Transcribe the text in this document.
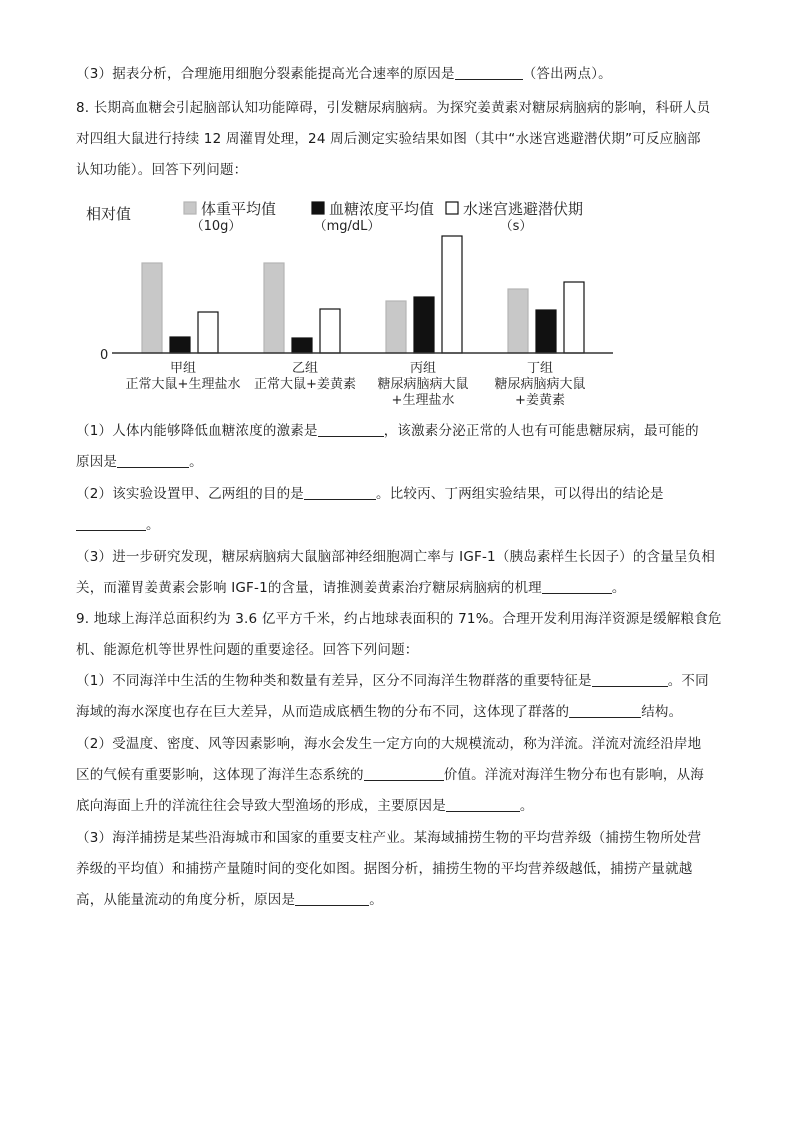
（3）据表分析，合理施用细胞分裂素能提高光合速率的原因是	（答出两点）。
8. 长期高血糖会引起脑部认知功能障碍，引发糖尿病脑病。为探究姜黄素对糖尿病脑病的影响，科研人员
对四组大鼠进行持续 12 周灌胃处理，24 周后测定实验结果如图（其中“水迷宫逃避潜伏期”可反应脑部
认知功能）。回答下列问题：
相对值
0
体重平均值
（10g）
血糖浓度平均值
（mg/dL）
水迷宫逃避潜伏期
（s）
甲组
正常大鼠+生理盐水
乙组
正常大鼠+姜黄素
丙组
糖尿病脑病大鼠
+生理盐水
丁组
糖尿病脑病大鼠
+姜黄素
（1）人体内能够降低血糖浓度的激素是	，该激素分泌正常的人也有可能患糖尿病，最可能的
原因是	。
（2）该实验设置甲、乙两组的目的是	。比较丙、丁两组实验结果，可以得出的结论是
。
（3）进一步研究发现，糖尿病脑病大鼠脑部神经细胞凋亡率与 IGF-1（胰岛素样生长因子）的含量呈负相
关，而灌胃姜黄素会影响 IGF-1的含量，请推测姜黄素治疗糖尿病脑病的机理	。
9. 地球上海洋总面积约为 3.6 亿平方千米，约占地球表面积的 71%。合理开发利用海洋资源是缓解粮食危
机、能源危机等世界性问题的重要途径。回答下列问题：
（1）不同海洋中生活的生物种类和数量有差异，区分不同海洋生物群落的重要特征是	。不同
海域的海水深度也存在巨大差异，从而造成底栖生物的分布不同，这体现了群落的	结构。
（2）受温度、密度、风等因素影响，海水会发生一定方向的大规模流动，称为洋流。洋流对流经沿岸地
区的气候有重要影响，这体现了海洋生态系统的	价值。洋流对海洋生物分布也有影响，从海
底向海面上升的洋流往往会导致大型渔场的形成，主要原因是	。
（3）海洋捕捞是某些沿海城市和国家的重要支柱产业。某海域捕捞生物的平均营养级（捕捞生物所处营
养级的平均值）和捕捞产量随时间的变化如图。据图分析，捕捞生物的平均营养级越低，捕捞产量就越
高，从能量流动的角度分析，原因是	。
